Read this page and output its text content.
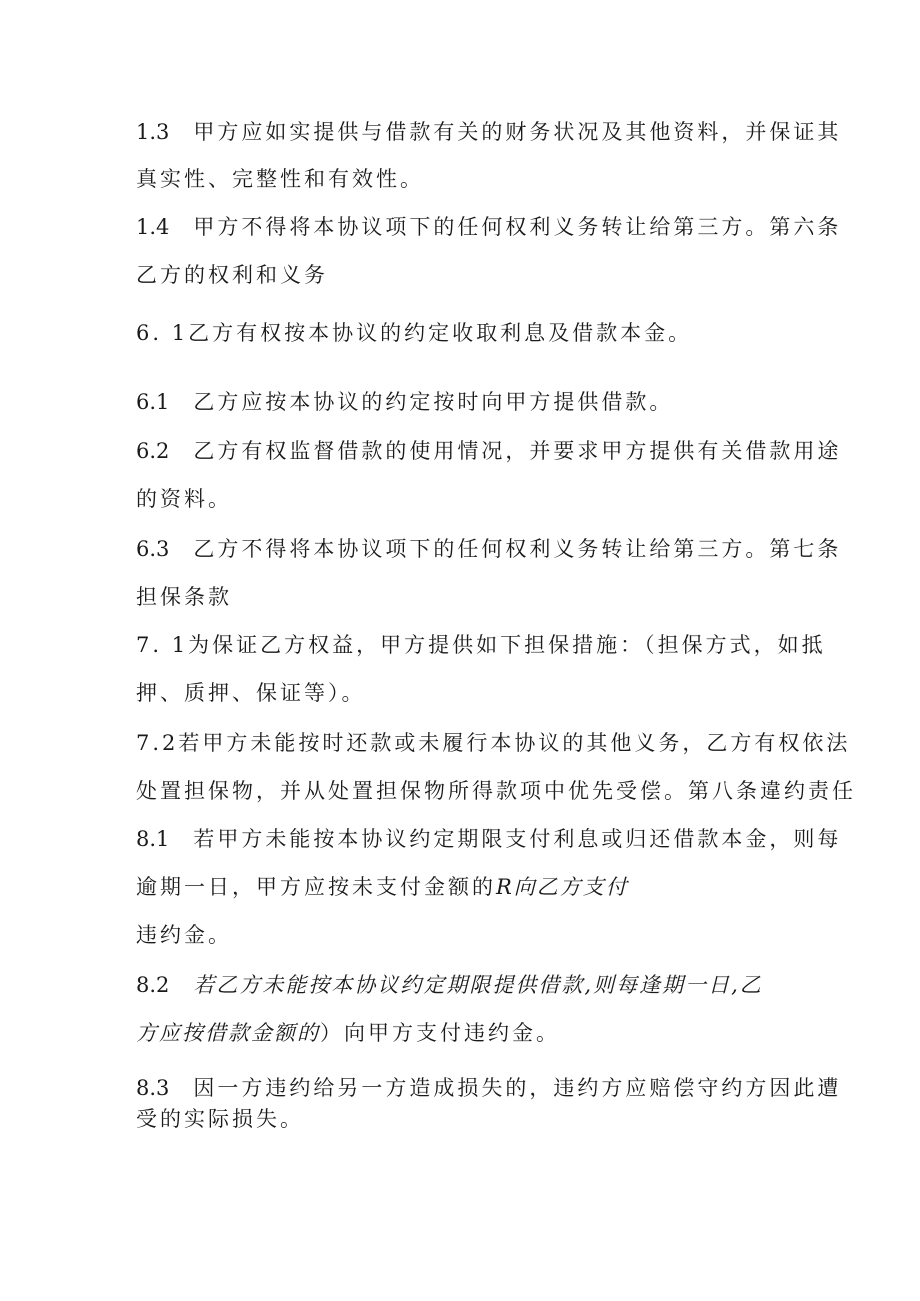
1.3 甲方应如实提供与借款有关的财务状况及其他资料，并保证其
真实性、完整性和有效性。
1.4 甲方不得将本协议项下的任何权利义务转让给第三方。第六条
乙方的权利和义务
6. 1乙方有权按本协议的约定收取利息及借款本金。
6.1 乙方应按本协议的约定按时向甲方提供借款。
6.2 乙方有权监督借款的使用情况，并要求甲方提供有关借款用途
的资料。
6.3 乙方不得将本协议项下的任何权利义务转让给第三方。第七条
担保条款
7. 1为保证乙方权益，甲方提供如下担保措施：（担保方式，如抵
押、质押、保证等）。
7.2若甲方未能按时还款或未履行本协议的其他义务，乙方有权依法
处置担保物，并从处置担保物所得款项中优先受偿。第八条違约责任
8.1 若甲方未能按本协议约定期限支付利息或归还借款本金，则每
逾期一日，甲方应按未支付金额的R向乙方支付
违约金。
8.2 若乙方未能按本协议约定期限提供借款,则每逢期一日,乙
方应按借款金额的）向甲方支付违约金。
8.3 因一方违约给另一方造成损失的，违约方应赔偿守约方因此遭
受的实际损失。
